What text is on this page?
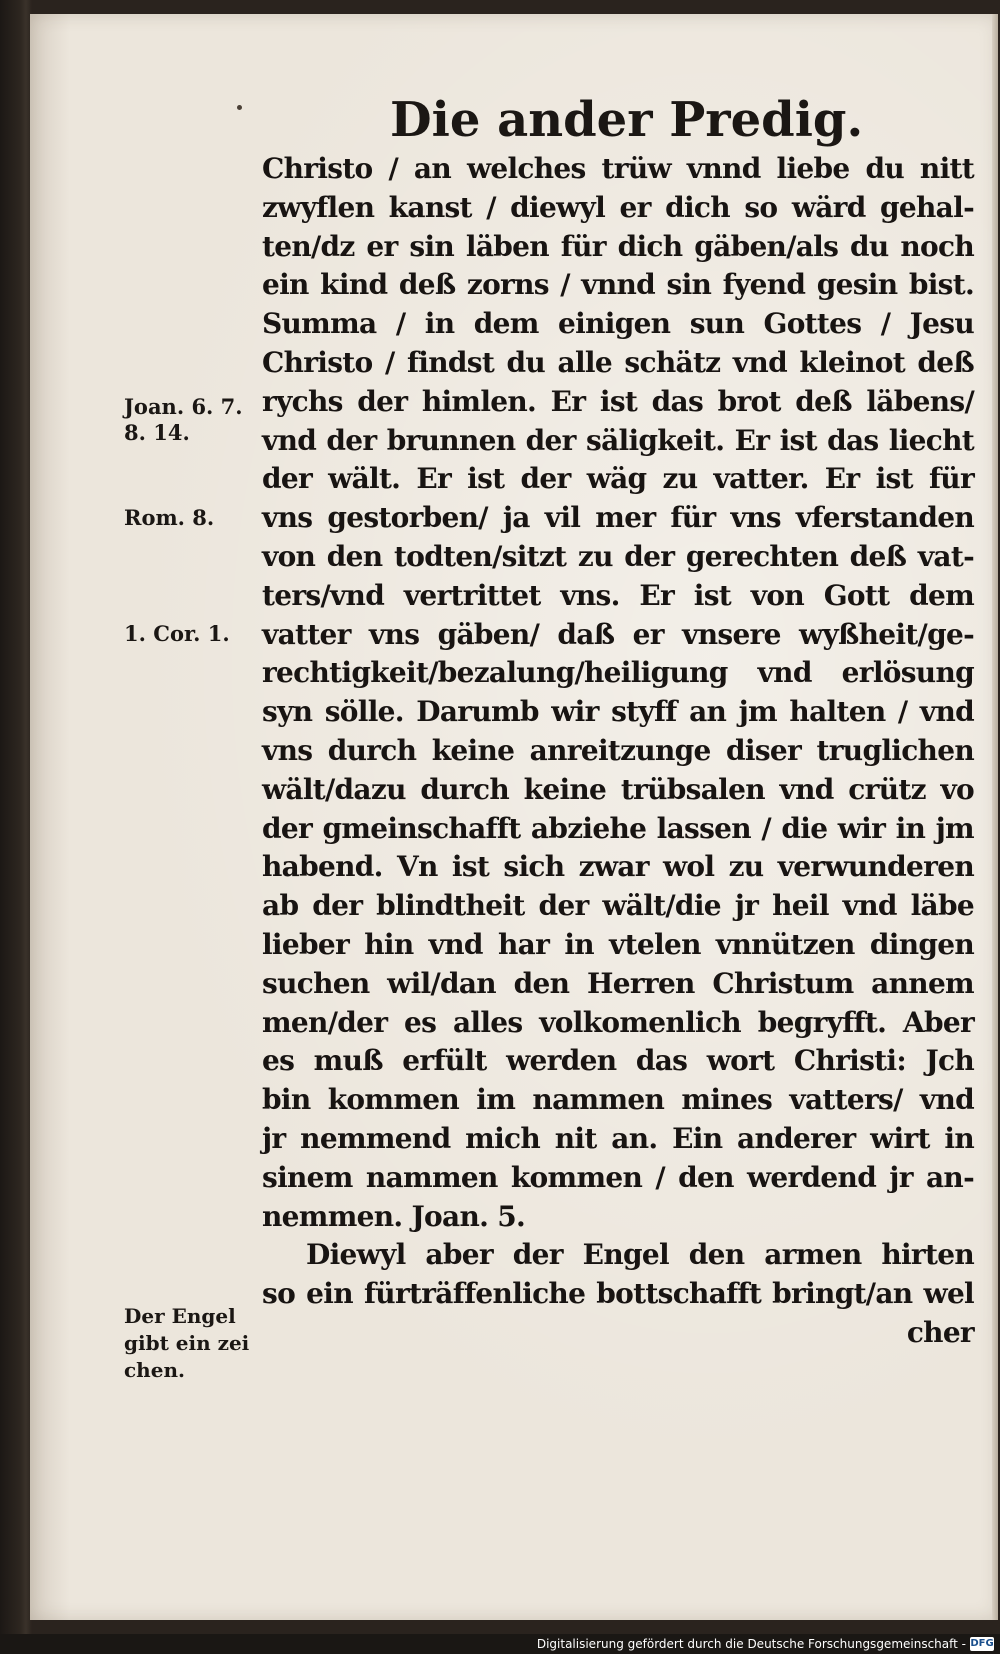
Die ander Predig.
Christo / an welches trüw vnnd liebe du nitt
zwyflen kanst / diewyl er dich so wärd gehal-
ten/dz er sin läben für dich gäben/als du noch
ein kind deß zorns / vnnd sin fyend gesin bist.
Summa / in dem einigen sun Gottes / Jesu
Christo / findst du alle schätz vnd kleinot deß
rychs der himlen. Er ist das brot deß läbens/
vnd der brunnen der säligkeit. Er ist das liecht
der wält. Er ist der wäg zu vatter. Er ist für
vns gestorben/ ja vil mer für vns vferstanden
von den todten/sitzt zu der gerechten deß vat-
ters/vnd vertrittet vns. Er ist von Gott dem
vatter vns gäben/ daß er vnsere wyßheit/ge-
rechtigkeit/bezalung/heiligung vnd erlösung
syn sölle. Darumb wir styff an jm halten / vnd
vns durch keine anreitzunge diser truglichen
wält/dazu durch keine trübsalen vnd crütz vo
der gmeinschafft abziehe lassen / die wir in jm
habend. Vn ist sich zwar wol zu verwunderen
ab der blindtheit der wält/die jr heil vnd läbe
lieber hin vnd har in vtelen vnnützen dingen
suchen wil/dan den Herren Christum annem
men/der es alles volkomenlich begryfft. Aber
es muß erfült werden das wort Christi: Jch
bin kommen im nammen mines vatters/ vnd
jr nemmend mich nit an. Ein anderer wirt in
sinem nammen kommen / den werdend jr an-
nemmen. Joan. 5.
Diewyl aber der Engel den armen hirten
so ein fürträffenliche bottschafft bringt/an wel
cher
Joan. 6. 7.
8. 14.
Rom. 8.
1. Cor. 1.
Der Engel
gibt ein zei
chen.
Digitalisierung gefördert durch die Deutsche Forschungsgemeinschaft - DFG
